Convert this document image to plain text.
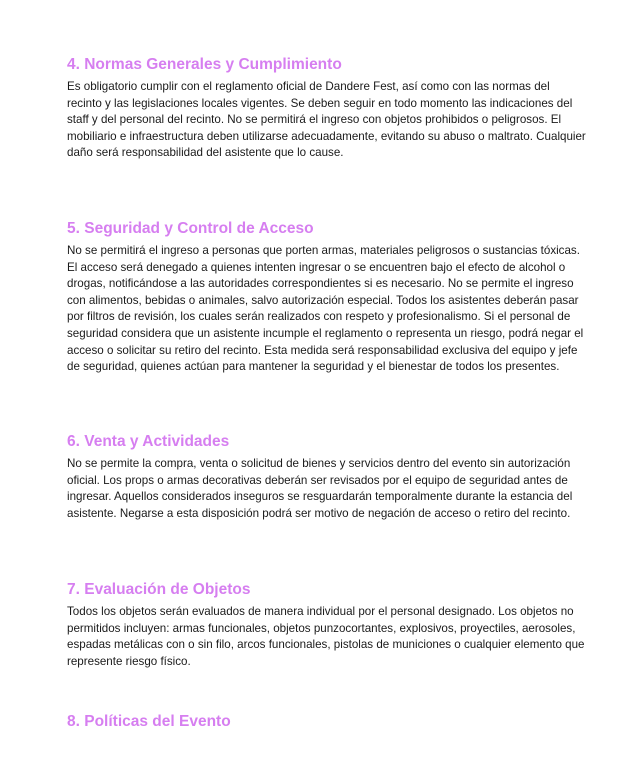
4. Normas Generales y Cumplimiento

Es obligatorio cumplir con el reglamento oficial de Dandere Fest, así como con las normas del recinto y las legislaciones locales vigentes. Se deben seguir en todo momento las indicaciones del staff y del personal del recinto. No se permitirá el ingreso con objetos prohibidos o peligrosos. El mobiliario e infraestructura deben utilizarse adecuadamente, evitando su abuso o maltrato. Cualquier daño será responsabilidad del asistente que lo cause.

5. Seguridad y Control de Acceso

No se permitirá el ingreso a personas que porten armas, materiales peligrosos o sustancias tóxicas. El acceso será denegado a quienes intenten ingresar o se encuentren bajo el efecto de alcohol o drogas, notificándose a las autoridades correspondientes si es necesario. No se permite el ingreso con alimentos, bebidas o animales, salvo autorización especial. Todos los asistentes deberán pasar por filtros de revisión, los cuales serán realizados con respeto y profesionalismo. Si el personal de seguridad considera que un asistente incumple el reglamento o representa un riesgo, podrá negar el acceso o solicitar su retiro del recinto. Esta medida será responsabilidad exclusiva del equipo y jefe de seguridad, quienes actúan para mantener la seguridad y el bienestar de todos los presentes.

6. Venta y Actividades

No se permite la compra, venta o solicitud de bienes y servicios dentro del evento sin autorización oficial. Los props o armas decorativas deberán ser revisados por el equipo de seguridad antes de ingresar. Aquellos considerados inseguros se resguardarán temporalmente durante la estancia del asistente. Negarse a esta disposición podrá ser motivo de negación de acceso o retiro del recinto.

7. Evaluación de Objetos

Todos los objetos serán evaluados de manera individual por el personal designado. Los objetos no permitidos incluyen: armas funcionales, objetos punzocortantes, explosivos, proyectiles, aerosoles, espadas metálicas con o sin filo, arcos funcionales, pistolas de municiones o cualquier elemento que represente riesgo físico.

8. Políticas del Evento
